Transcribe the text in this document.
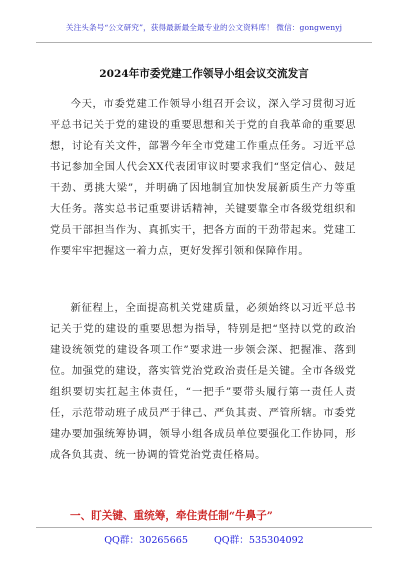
关注头条号“公文研究”，获得最新最全最专业的公文资料库！ 微信：gongwenyj
2024年市委党建工作领导小组会议交流发言

今天，市委党建工作领导小组召开会议，深入学习贯彻习近平总书记关于党的建设的重要思想和关于党的自我革命的重要思想，讨论有关文件，部署今年全市党建工作重点任务。习近平总书记参加全国人代会XX代表团审议时要求我们“坚定信心、鼓足干劲、勇挑大梁”，并明确了因地制宜加快发展新质生产力等重大任务。落实总书记重要讲话精神，关键要靠全市各级党组织和党员干部担当作为、真抓实干，把各方面的干劲带起来。党建工作要牢牢把握这一着力点，更好发挥引领和保障作用。

新征程上，全面提高机关党建质量，必须始终以习近平总书记关于党的建设的重要思想为指导，特别是把“坚持以党的政治建设统领党的建设各项工作”要求进一步领会深、把握准、落到位。加强党的建设，落实管党治党政治责任是关键。全市各级党组织要切实扛起主体责任，“一把手”要带头履行第一责任人责任，示范带动班子成员严于律己、严负其责、严管所辖。市委党建办要加强统筹协调，领导小组各成员单位要强化工作协同，形成各负其责、统一协调的管党治党责任格局。

一、盯关键、重统筹，牵住责任制“牛鼻子”
QQ群：30265665	QQ群：535304092
